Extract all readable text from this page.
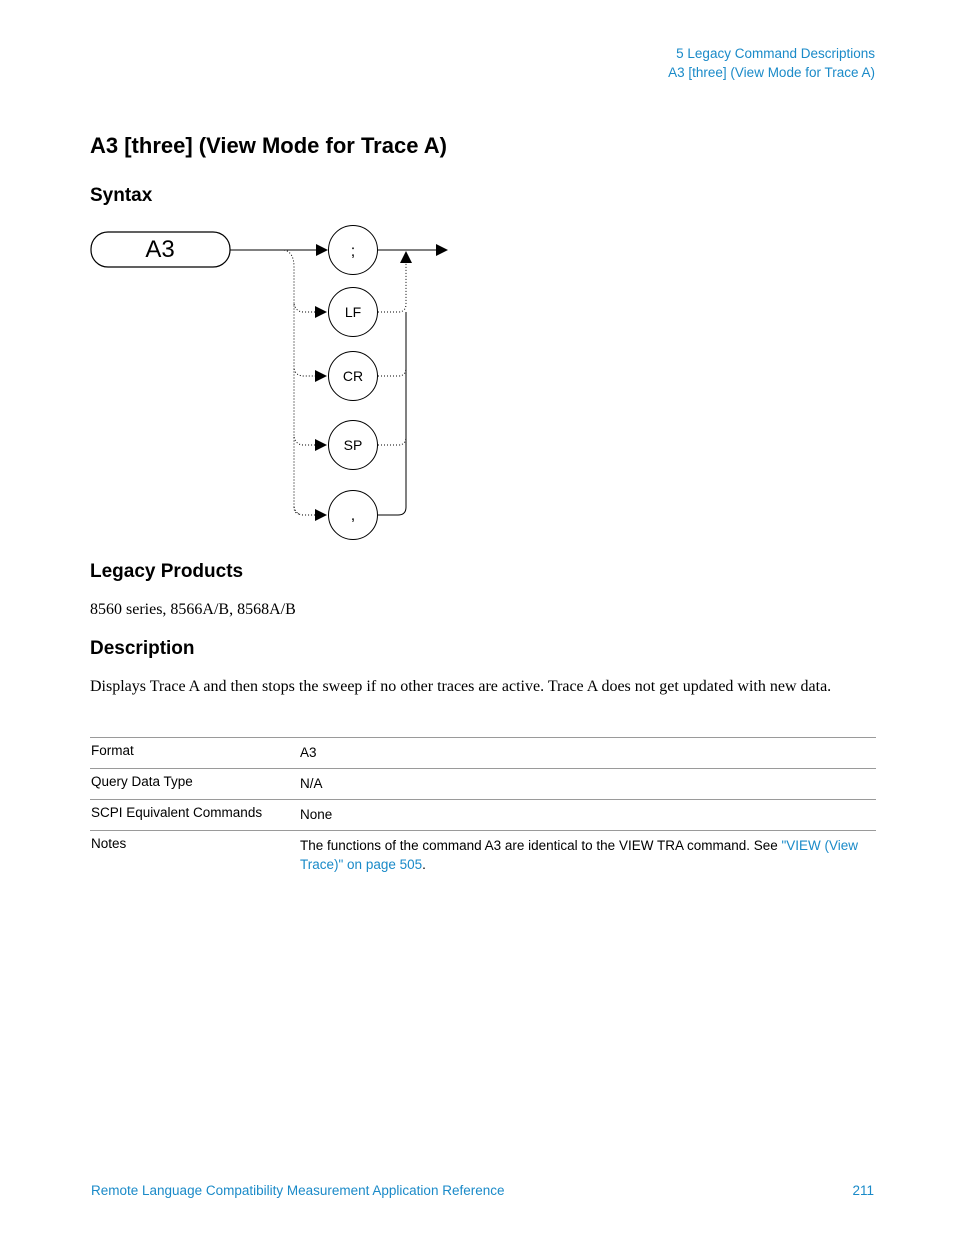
5 Legacy Command Descriptions
A3 [three] (View Mode for Trace A)
A3 [three] (View Mode for Trace A)
Syntax
A3	;
LF
CR
SP
,
Legacy Products

8560 series, 8566A/B, 8568A/B

Description

Displays Trace A and then stops the sweep if no other traces are active. Trace A does not get updated with new data.

Format	A3
Query Data Type	N/A
SCPI Equivalent Commands	None
Notes	The functions of the command A3 are identical to the VIEW TRA command. See "VIEW (View Trace)" on page 505.
Remote Language Compatibility Measurement Application Reference	211
